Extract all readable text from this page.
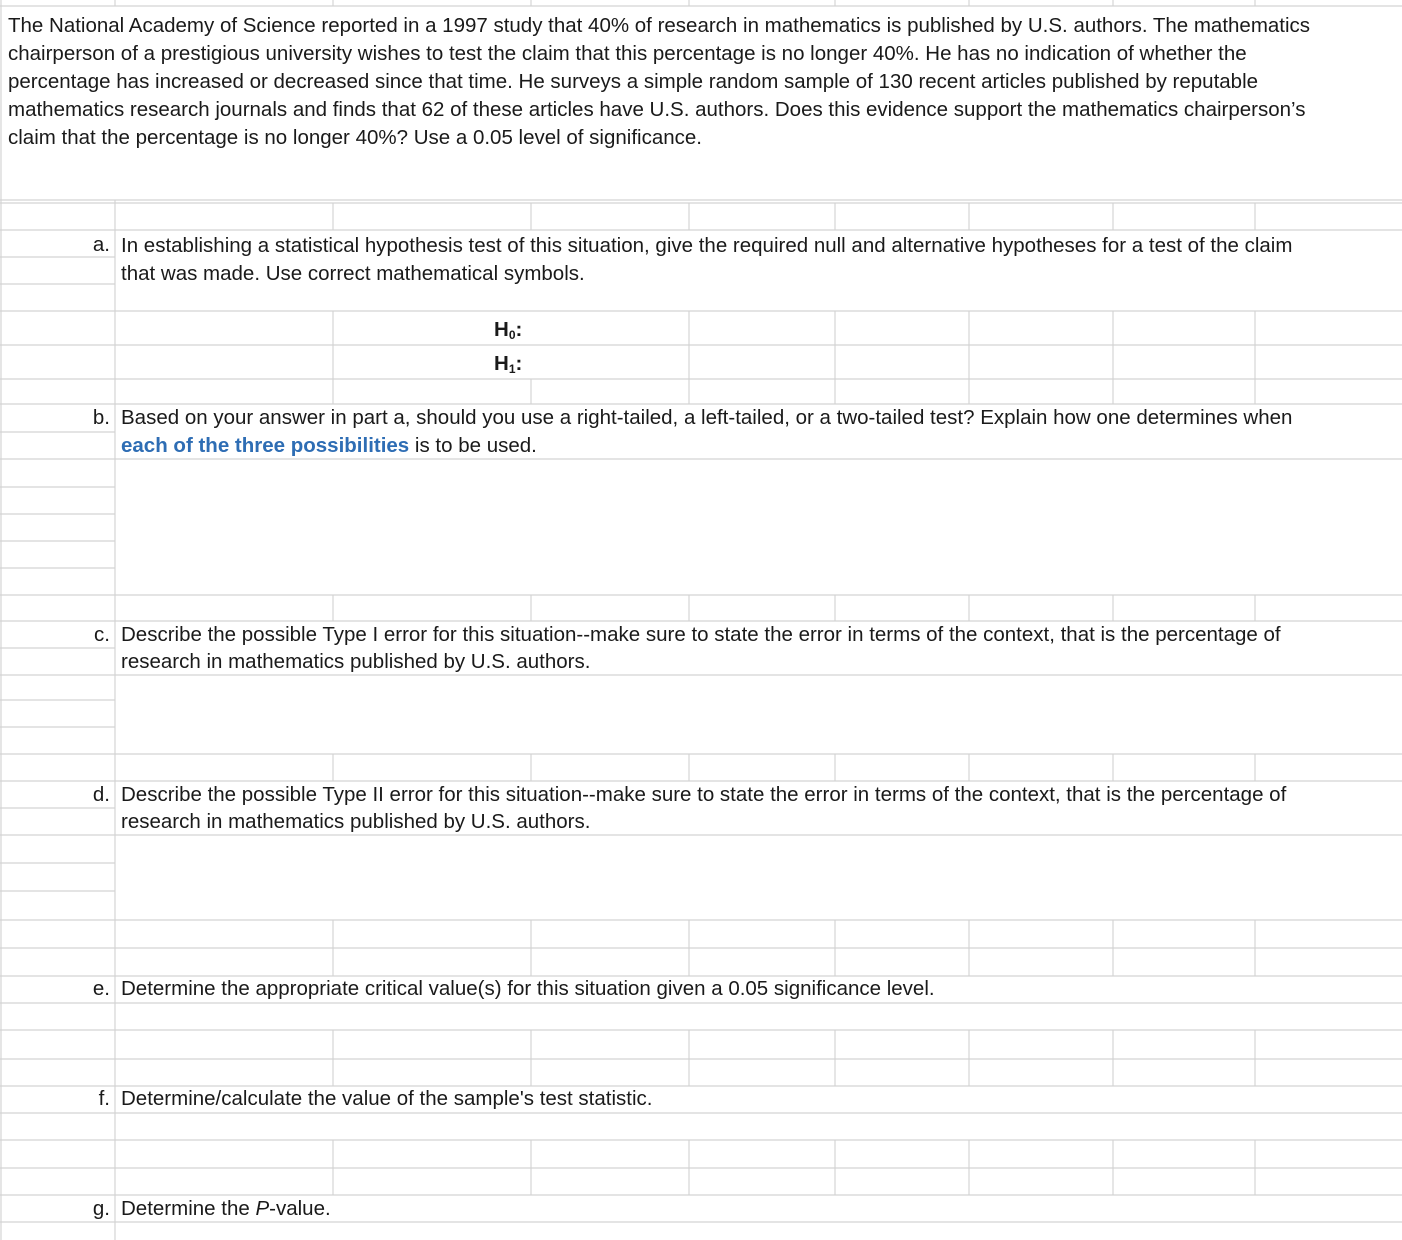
The National Academy of Science reported in a 1997 study that 40% of research in mathematics is published by U.S. authors. The mathematics
chairperson of a prestigious university wishes to test the claim that this percentage is no longer 40%. He has no indication of whether the
percentage has increased or decreased since that time. He surveys a simple random sample of 130 recent articles published by reputable
mathematics research journals and finds that 62 of these articles have U.S. authors. Does this evidence support the mathematics chairperson’s
claim that the percentage is no longer 40%? Use a 0.05 level of significance.
a. In establishing a statistical hypothesis test of this situation, give the required null and alternative hypotheses for a test of the claim
that was made. Use correct mathematical symbols.
$H_0$:
$H_1$:
b. Based on your answer in part a, should you use a right-tailed, a left-tailed, or a two-tailed test? Explain how one determines when
each of the three possibilities is to be used.
c. Describe the possible Type I error for this situation--make sure to state the error in terms of the context, that is the percentage of
research in mathematics published by U.S. authors.
d. Describe the possible Type II error for this situation--make sure to state the error in terms of the context, that is the percentage of
research in mathematics published by U.S. authors.
e. Determine the appropriate critical value(s) for this situation given a 0.05 significance level.
f. Determine/calculate the value of the sample's test statistic.
g. Determine the P-value.
